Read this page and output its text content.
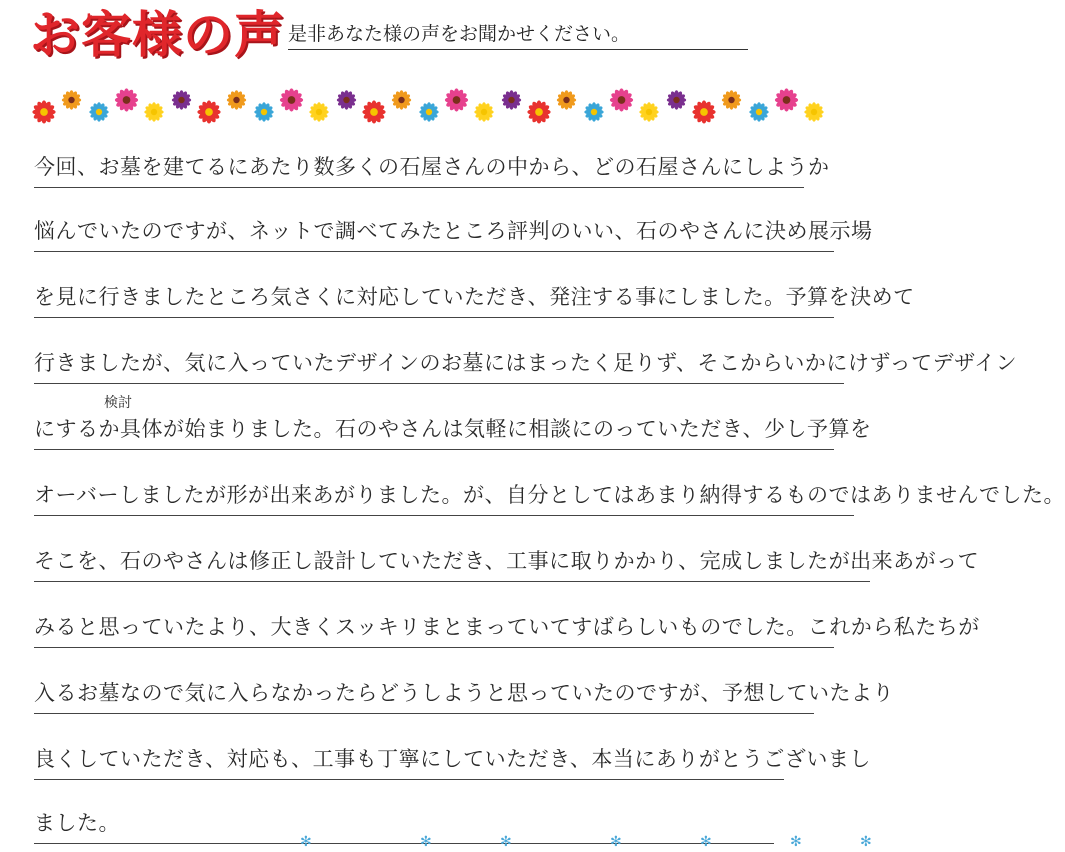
お客様の声 是非あなた様の声をお聞かせください。
今回、お墓を建てるにあたり数多くの石屋さんの中から、どの石屋さんにしようか
悩んでいたのですが、ネットで調べてみたところ評判のいい、石のやさんに決め展示場
を見に行きましたところ気さくに対応していただき、発注する事にしました。予算を決めて
行きましたが、気に入っていたデザインのお墓にはまったく足りず、そこからいかにけずってデザイン
検討
にするか具体が始まりました。石のやさんは気軽に相談にのっていただき、少し予算を
オーバーしましたが形が出来あがりました。が、自分としてはあまり納得するものではありませんでした。
そこを、石のやさんは修正し設計していただき、工事に取りかかり、完成しましたが出来あがって
みると思っていたより、大きくスッキリまとまっていてすばらしいものでした。これから私たちが
入るお墓なので気に入らなかったらどうしようと思っていたのですが、予想していたより
良くしていただき、対応も、工事も丁寧にしていただき、本当にありがとうございまし
ました。
✻	✻	✻	✻	✻	✻	✻
